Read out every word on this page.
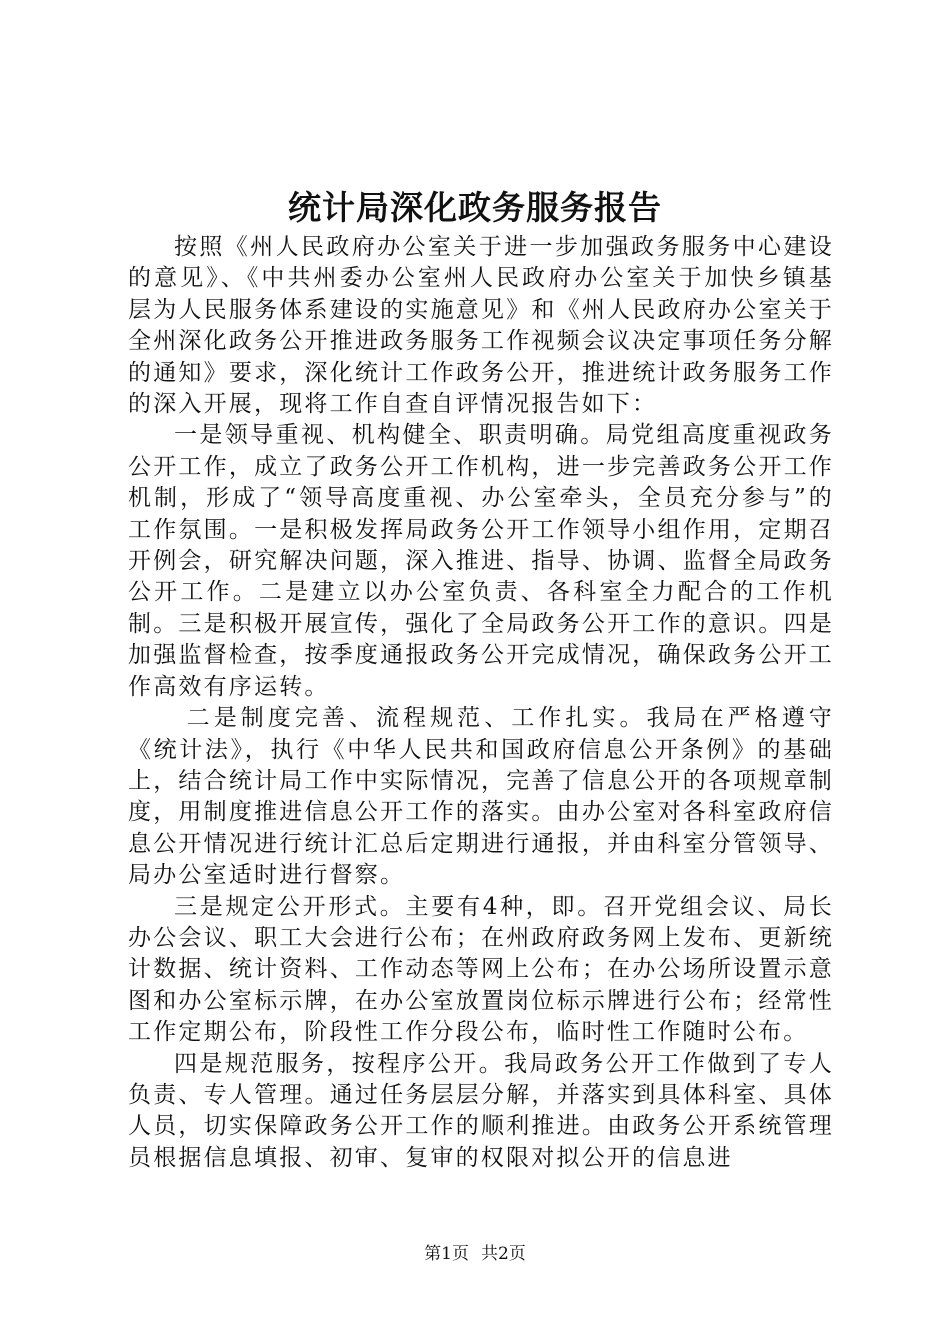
统计局深化政务服务报告

按照《州人民政府办公室关于进一步加强政务服务中心建设的意见》、《中共州委办公室州人民政府办公室关于加快乡镇基层为人民服务体系建设的实施意见》和《州人民政府办公室关于全州深化政务公开推进政务服务工作视频会议决定事项任务分解的通知》要求，深化统计工作政务公开，推进统计政务服务工作的深入开展，现将工作自查自评情况报告如下：

一是领导重视、机构健全、职责明确。局党组高度重视政务公开工作，成立了政务公开工作机构，进一步完善政务公开工作机制，形成了“领导高度重视、办公室牵头，全员充分参与”的工作氛围。一是积极发挥局政务公开工作领导小组作用，定期召开例会，研究解决问题，深入推进、指导、协调、监督全局政务公开工作。二是建立以办公室负责、各科室全力配合的工作机制。三是积极开展宣传，强化了全局政务公开工作的意识。四是加强监督检查，按季度通报政务公开完成情况，确保政务公开工作高效有序运转。

二是制度完善、流程规范、工作扎实。我局在严格遵守《统计法》，执行《中华人民共和国政府信息公开条例》的基础上，结合统计局工作中实际情况，完善了信息公开的各项规章制度，用制度推进信息公开工作的落实。由办公室对各科室政府信息公开情况进行统计汇总后定期进行通报，并由科室分管领导、局办公室适时进行督察。

三是规定公开形式。主要有4种，即。召开党组会议、局长办公会议、职工大会进行公布；在州政府政务网上发布、更新统计数据、统计资料、工作动态等网上公布；在办公场所设置示意图和办公室标示牌，在办公室放置岗位标示牌进行公布；经常性工作定期公布，阶段性工作分段公布，临时性工作随时公布。

四是规范服务，按程序公开。我局政务公开工作做到了专人负责、专人管理。通过任务层层分解，并落实到具体科室、具体人员，切实保障政务公开工作的顺利推进。由政务公开系统管理员根据信息填报、初审、复审的权限对拟公开的信息进

第1页 共2页
